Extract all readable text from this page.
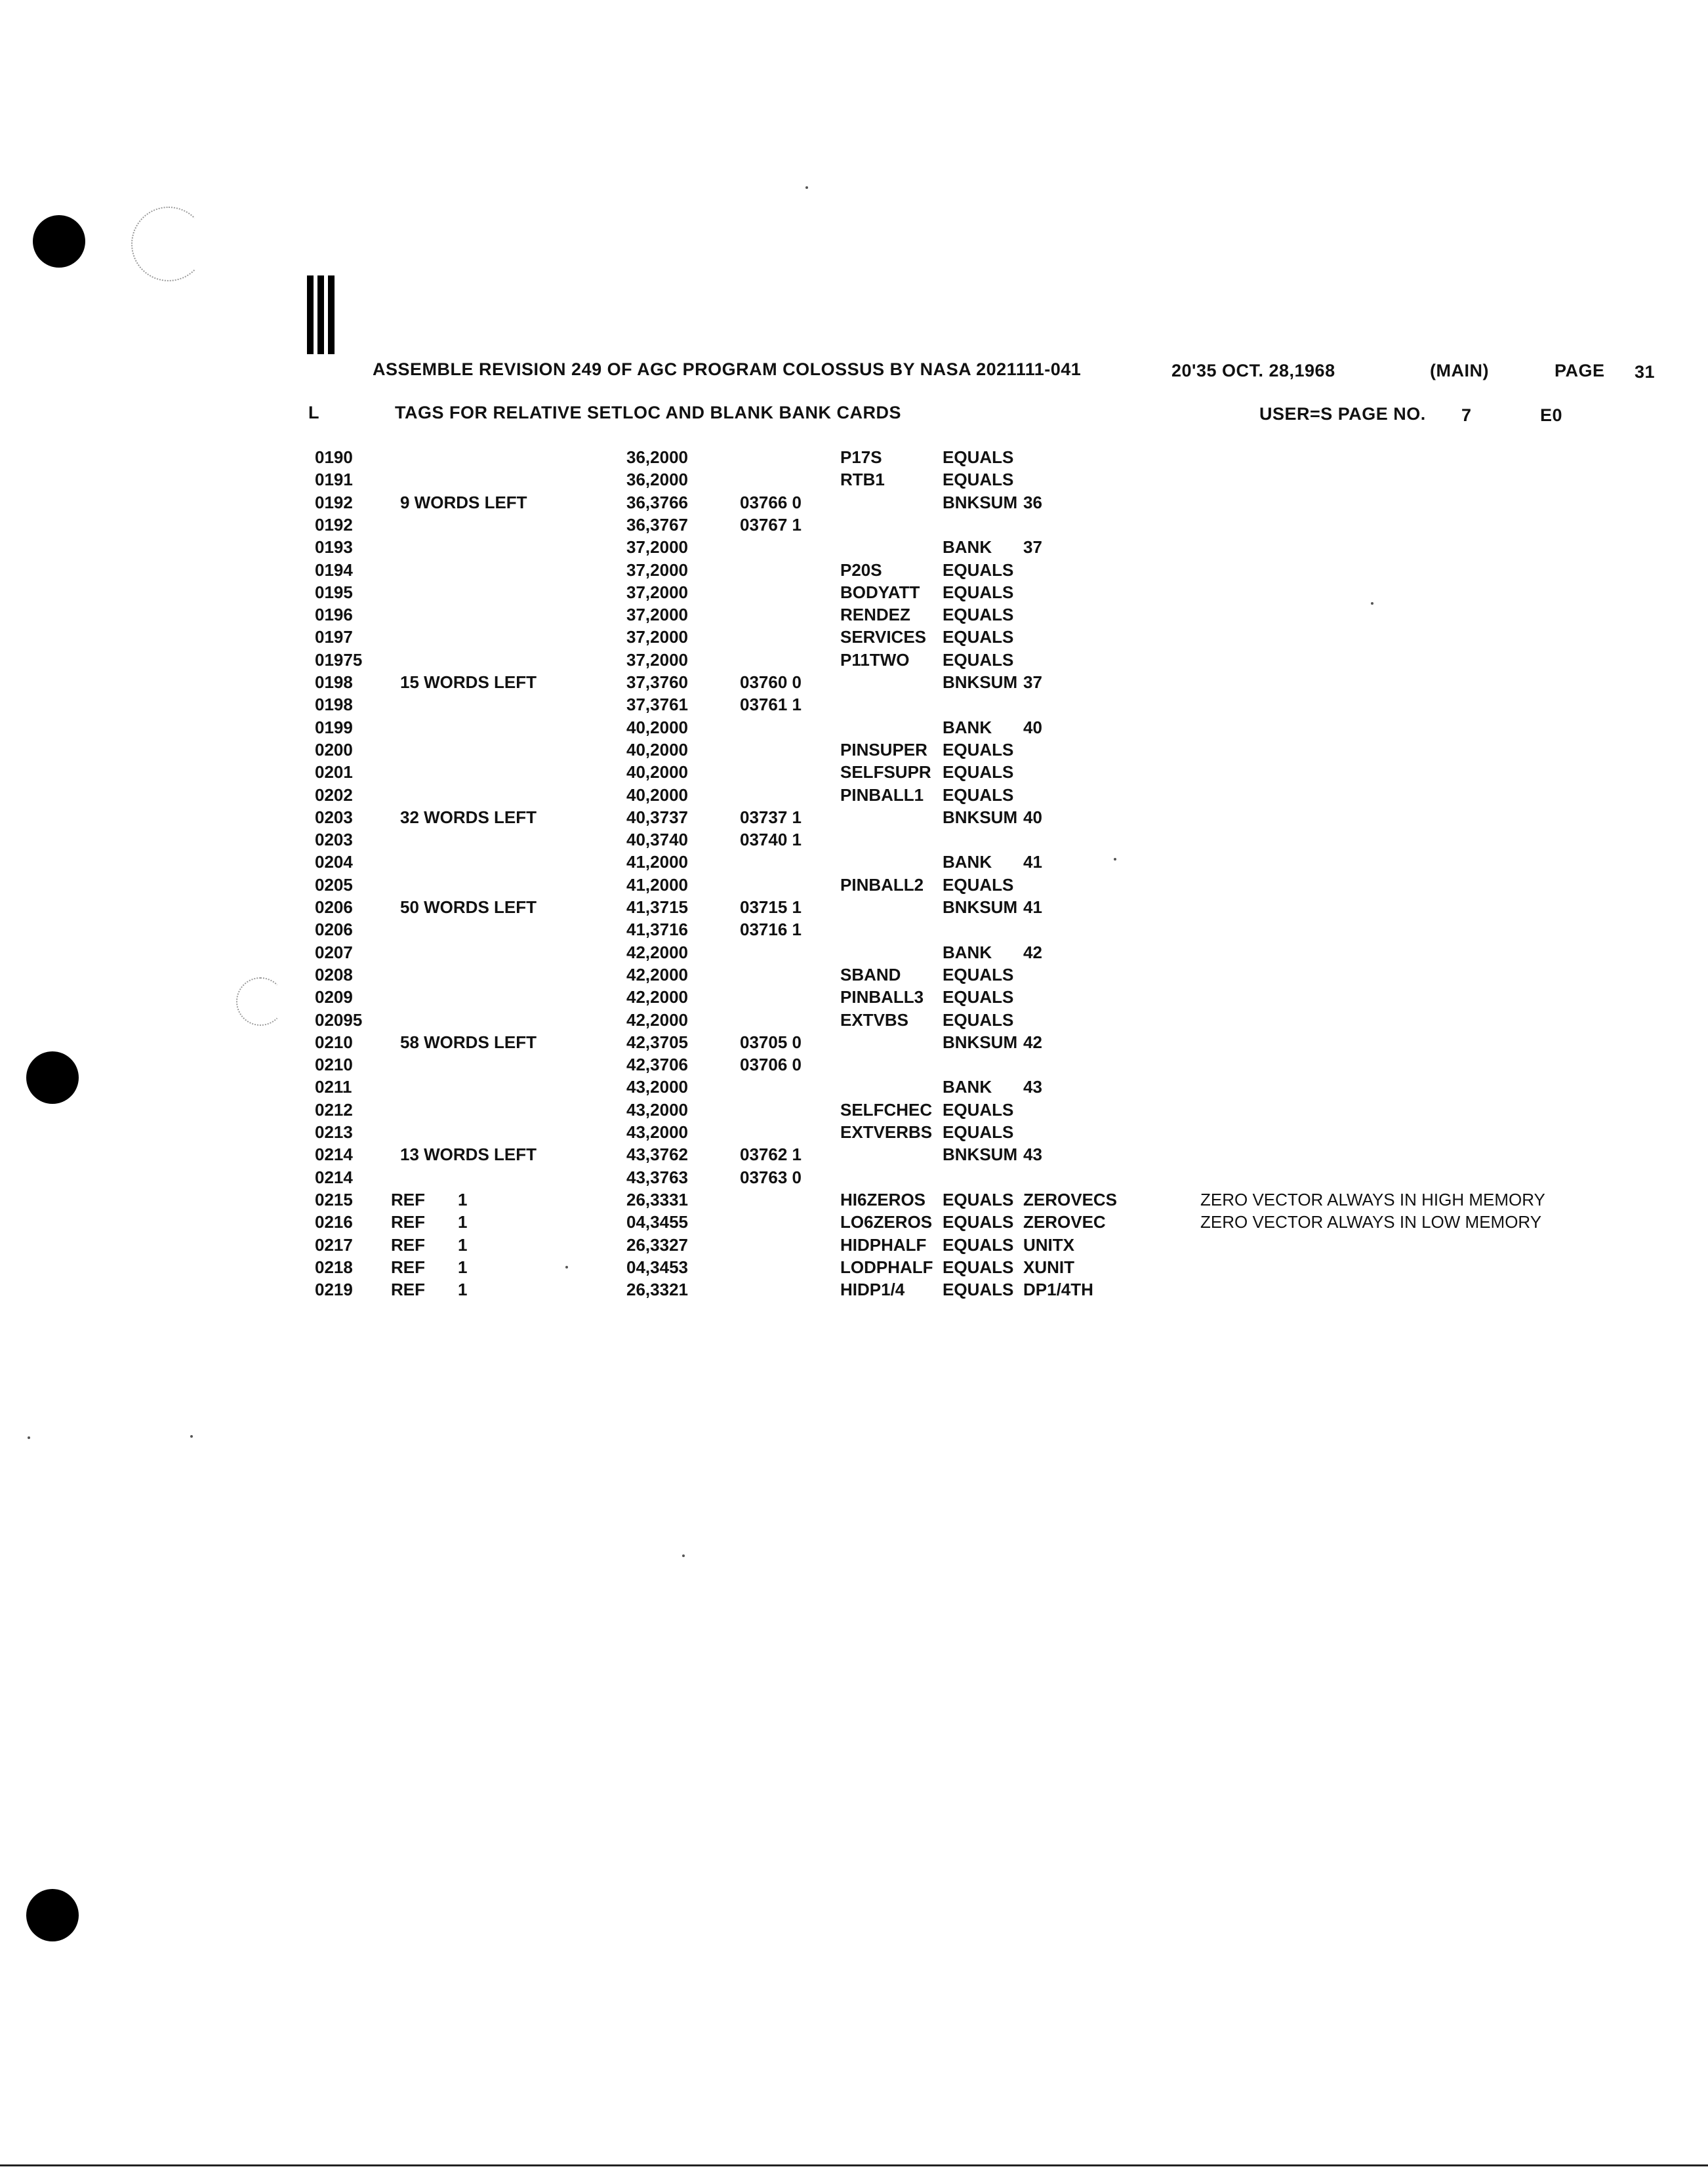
ASSEMBLE REVISION 249 OF AGC PROGRAM COLOSSUS BY NASA 2021111-041	20'35 OCT. 28,1968	(MAIN)	PAGE 31
L	TAGS FOR RELATIVE SETLOC AND BLANK BANK CARDS	USER=S PAGE NO. 7	E0
0190	36,2000	P17S	EQUALS
0191	36,2000	RTB1	EQUALS
0192	9 WORDS LEFT	36,3766	03766 0	BNKSUM 36
0192	36,3767	03767 1
0193	37,2000	BANK 37
0194	37,2000	P20S	EQUALS
0195	37,2000	BODYATT EQUALS
0196	37,2000	RENDEZ EQUALS
0197	37,2000	SERVICES EQUALS
01975	37,2000	P11TWO EQUALS
0198	15 WORDS LEFT	37,3760	03760 0	BNKSUM 37
0198	37,3761	03761 1
0199	40,2000	BANK 40
0200	40,2000	PINSUPER EQUALS
0201	40,2000	SELFSUPR EQUALS
0202	40,2000	PINBALL1 EQUALS
0203	32 WORDS LEFT	40,3737	03737 1	BNKSUM 40
0203	40,3740	03740 1
0204	41,2000	BANK 41
0205	41,2000	PINBALL2 EQUALS
0206	50 WORDS LEFT	41,3715	03715 1	BNKSUM 41
0206	41,3716	03716 1
0207	42,2000	BANK 42
0208	42,2000	SBAND EQUALS
0209	42,2000	PINBALL3 EQUALS
02095	42,2000	EXTVBS EQUALS
0210	58 WORDS LEFT	42,3705	03705 0	BNKSUM 42
0210	42,3706	03706 0
0211	43,2000	BANK 43
0212	43,2000	SELFCHEC EQUALS
0213	43,2000	EXTVERBS EQUALS
0214	13 WORDS LEFT	43,3762	03762 1	BNKSUM 43
0214	43,3763	03763 0
0215 REF 1	26,3331	HI6ZEROS EQUALS ZEROVECS	ZERO VECTOR ALWAYS IN HIGH MEMORY
0216 REF 1	04,3455	LO6ZEROS EQUALS ZEROVEC	ZERO VECTOR ALWAYS IN LOW MEMORY
0217 REF 1	26,3327	HIDPHALF EQUALS UNITX
0218 REF 1	04,3453	LODPHALF EQUALS XUNIT
0219 REF 1	26,3321	HIDP1/4 EQUALS DP1/4TH
